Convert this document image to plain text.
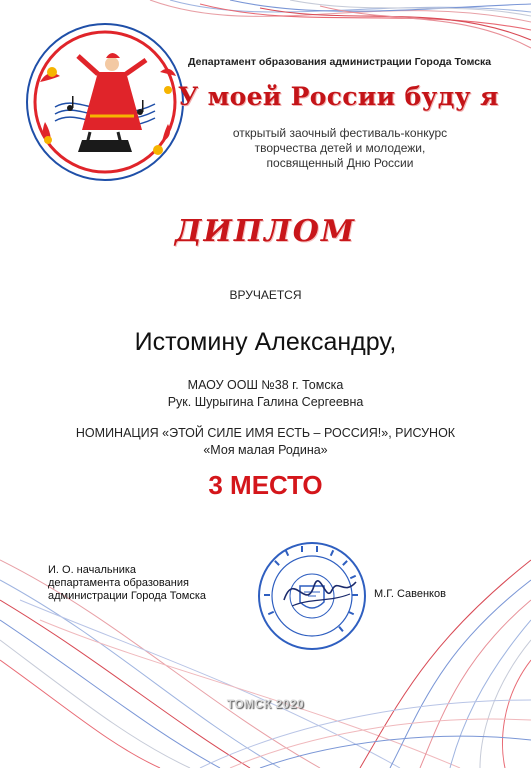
Департамент образования администрации Города Томска
У моей России буду я
открытый заочный фестиваль-конкурс
творчества детей и молодежи,
посвященный Дню России
ДИПЛОМ
ВРУЧАЕТСЯ
Истомину Александру,
МАОУ ООШ №38 г. Томска
Рук. Шурыгина Галина Сергеевна
НОМИНАЦИЯ «ЭТОЙ СИЛЕ ИМЯ ЕСТЬ – РОССИЯ!», РИСУНОК
«Моя малая Родина»
3 МЕСТО
И. О. начальника
департамента образования
администрации Города Томска	М.Г. Савенков
ТОМСК 2020
